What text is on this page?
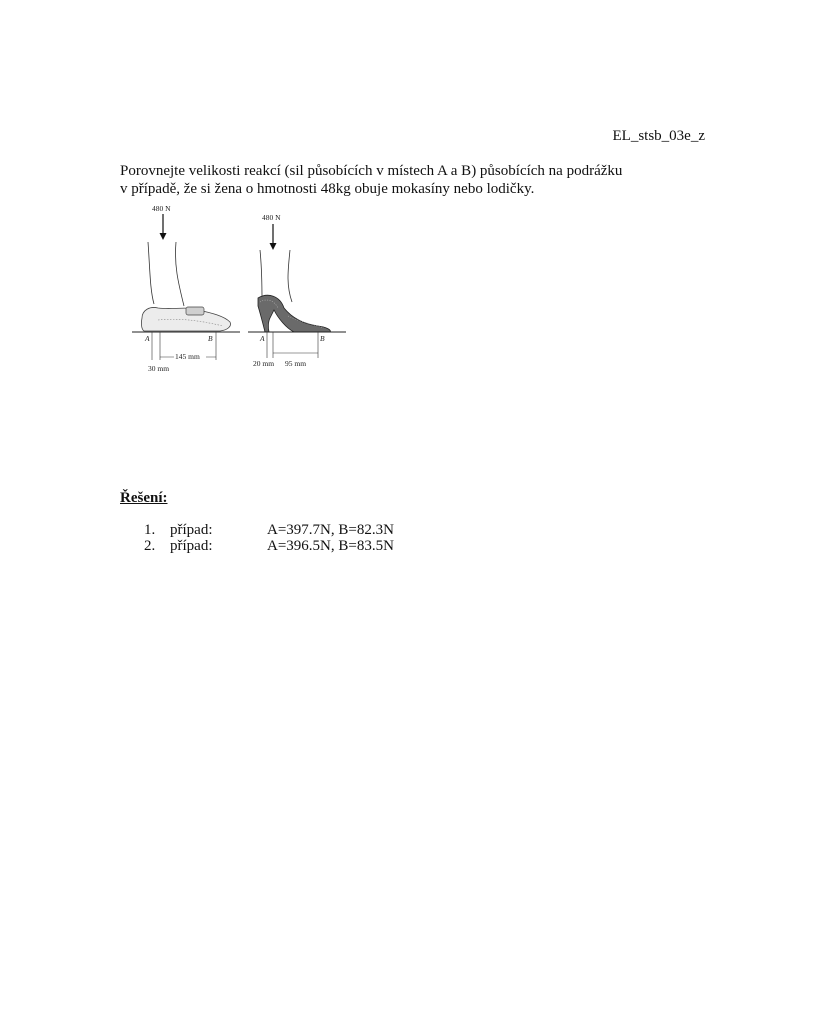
EL_stsb_03e_z
Porovnejte velikosti reakcí (sil působících v místech A a B) působících na podrážku
v případě, že si žena o hmotnosti 48kg obuje mokasíny nebo lodičky.
480 N
A	B
145 mm
30 mm
480 N
A	B
20 mm 95 mm
Řešení:
1. případ:	A=397.7N, B=82.3N
2. případ:	A=396.5N, B=83.5N
